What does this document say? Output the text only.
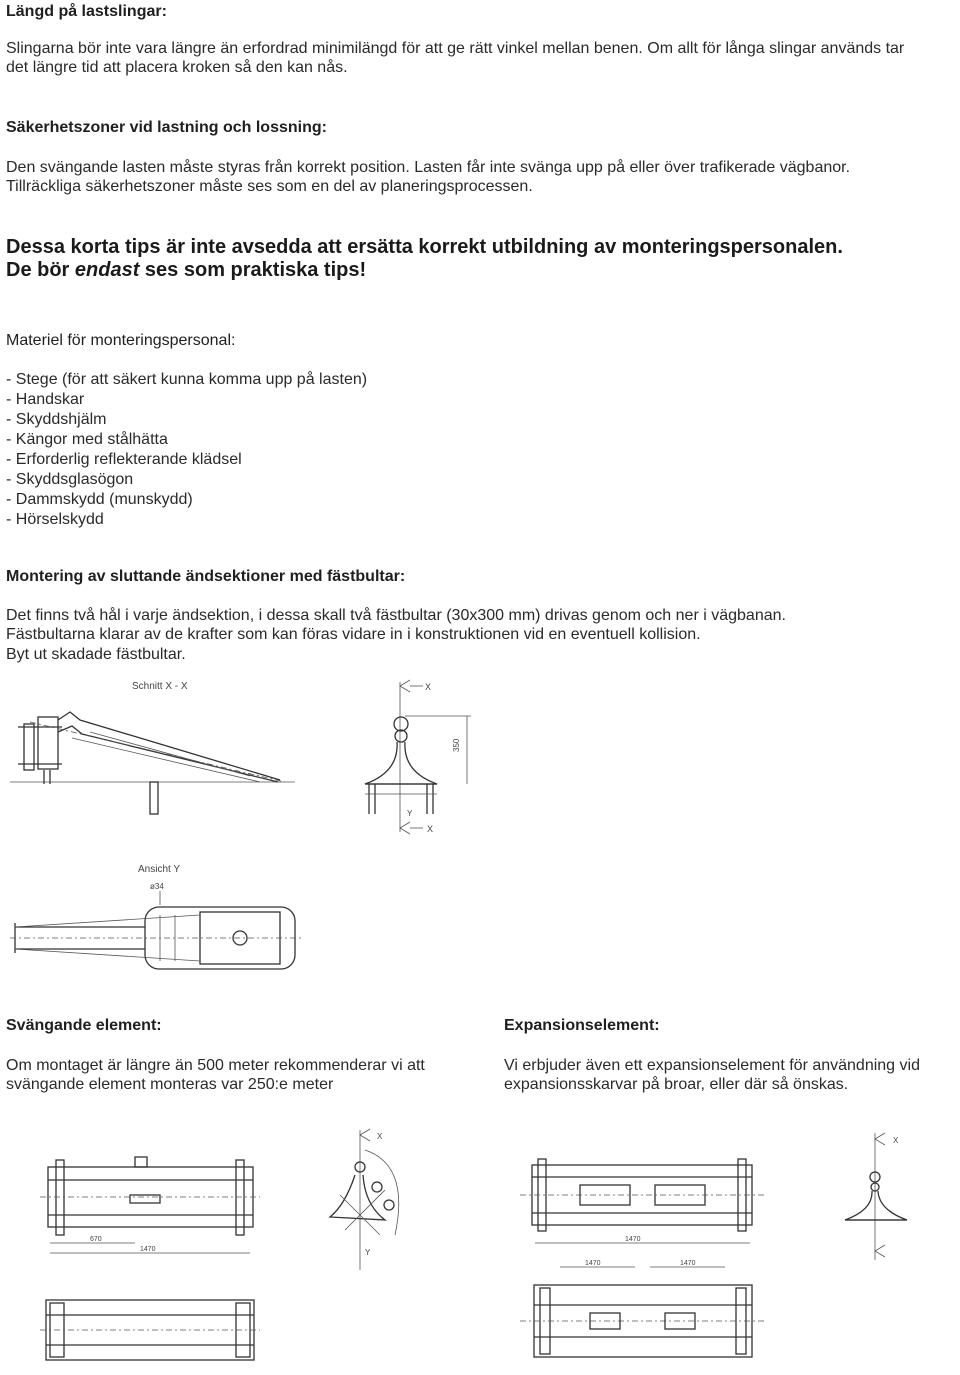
Längd på lastslingar:
Slingarna bör inte vara längre än erfordrad minimilängd för att ge rätt vinkel mellan benen. Om allt för långa slingar används tar det längre tid att placera kroken så den kan nås.
Säkerhetszoner vid lastning och lossning:
Den svängande lasten måste styras från korrekt position. Lasten får inte svänga upp på eller över trafikerade vägbanor.
Tillräckliga säkerhetszoner måste ses som en del av planeringsprocessen.
Dessa korta tips är inte avsedda att ersätta korrekt utbildning av monteringspersonalen.
De bör endast ses som praktiska tips!
Materiel för monteringspersonal:
- Stege (för att säkert kunna komma upp på lasten)
- Handskar
- Skyddshjälm
- Kängor med stålhätta
- Erforderlig reflekterande klädsel
- Skyddsglasögon
- Dammskydd (munskydd)
- Hörselskydd
Montering av sluttande ändsektioner med fästbultar:
Det finns två hål i varje ändsektion, i dessa skall två fästbultar (30x300 mm) drivas genom och ner i vägbanan.
Fästbultarna klarar av de krafter som kan föras vidare in i konstruktionen vid en eventuell kollision.
Byt ut skadade fästbultar.
Schnitt X - X	X
350
X
Y
Ansicht Y
ø34
Svängande element:
Om montaget är längre än 500 meter rekommenderar vi att
svängande element monteras var 250:e meter
Expansionselement:
Vi erbjuder även ett expansionselement för användning vid
expansionsskarvar på broar, eller där så önskas.
670
1470
X
Y
1470
1470	1470
X
